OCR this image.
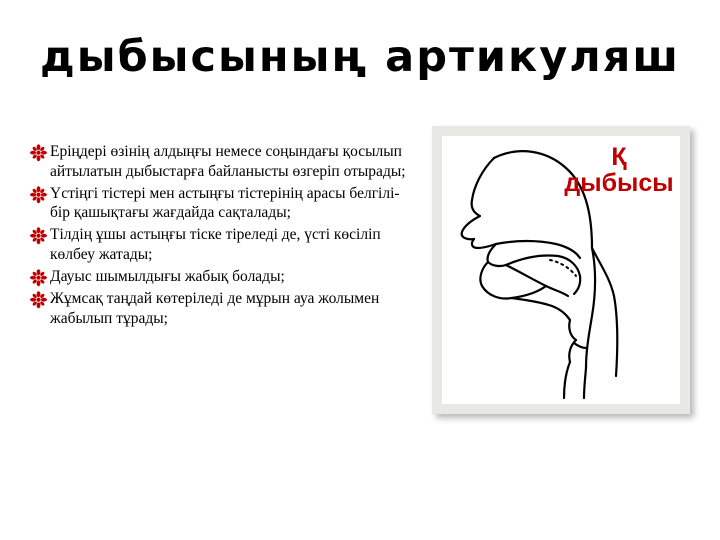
дыбысының артикуляш
Еріңдері өзінің алдыңғы немесе соңындағы қосылып айтылатын дыбыстарға байланысты өзгеріп отырады;
Үстіңгі тістері мен астыңғы тістерінің арасы белгілі-бір қашықтағы жағдайда сақталады;
Тілдің ұшы астыңғы тіске тіреледі де, үсті көсіліп көлбеу жатады;
Дауыс шымылдығы жабық болады;
Жұмсақ таңдай көтеріледі де мұрын ауа жолымен жабылып тұрады;
Қ дыбысы
